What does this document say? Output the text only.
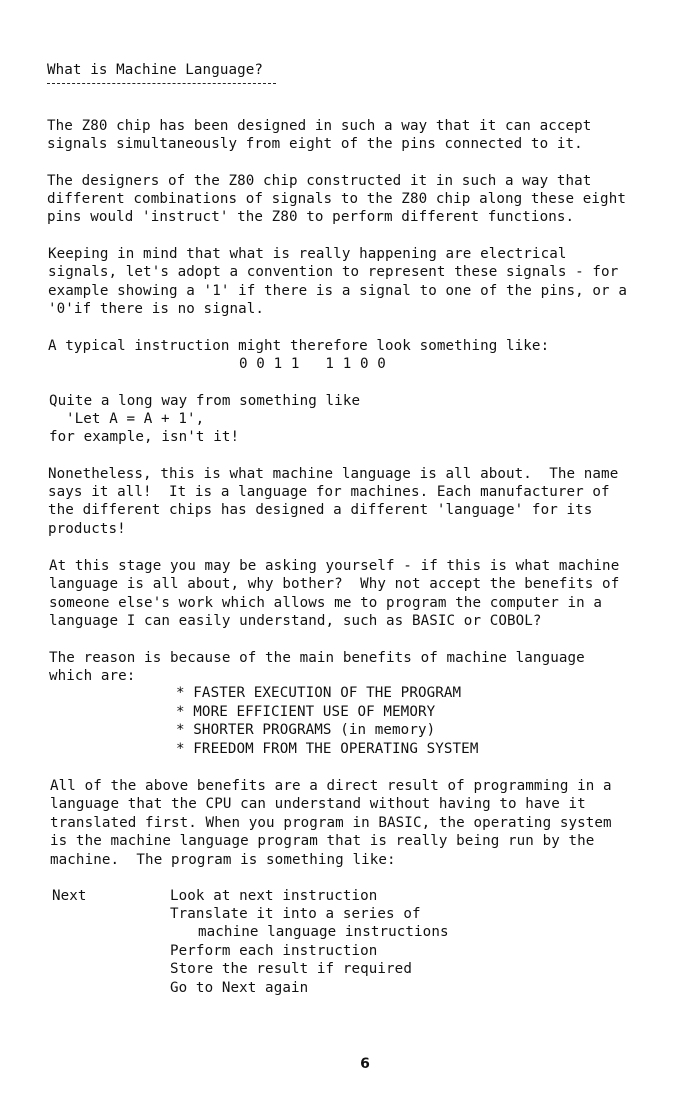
What is Machine Language?
The Z80 chip has been designed in such a way that it can accept
signals simultaneously from eight of the pins connected to it.
The designers of the Z80 chip constructed it in such a way that
different combinations of signals to the Z80 chip along these eight
pins would 'instruct' the Z80 to perform different functions.
Keeping in mind that what is really happening are electrical
signals, let's adopt a convention to represent these signals - for
example showing a '1' if there is a signal to one of the pins, or a
'0'if there is no signal.
A typical instruction might therefore look something like:
0 0 1 1   1 1 0 0
Quite a long way from something like
'Let A = A + 1',
for example, isn't it!
Nonetheless, this is what machine language is all about.  The name
says it all!  It is a language for machines. Each manufacturer of
the different chips has designed a different 'language' for its
products!
At this stage you may be asking yourself - if this is what machine
language is all about, why bother?  Why not accept the benefits of
someone else's work which allows me to program the computer in a
language I can easily understand, such as BASIC or COBOL?
The reason is because of the main benefits of machine language
which are:
* FASTER EXECUTION OF THE PROGRAM
* MORE EFFICIENT USE OF MEMORY
* SHORTER PROGRAMS (in memory)
* FREEDOM FROM THE OPERATING SYSTEM
All of the above benefits are a direct result of programming in a
language that the CPU can understand without having to have it
translated first. When you program in BASIC, the operating system
is the machine language program that is really being run by the
machine.  The program is something like:
Next	Look at next instruction
Translate it into a series of
machine language instructions
Perform each instruction
Store the result if required
Go to Next again
6
